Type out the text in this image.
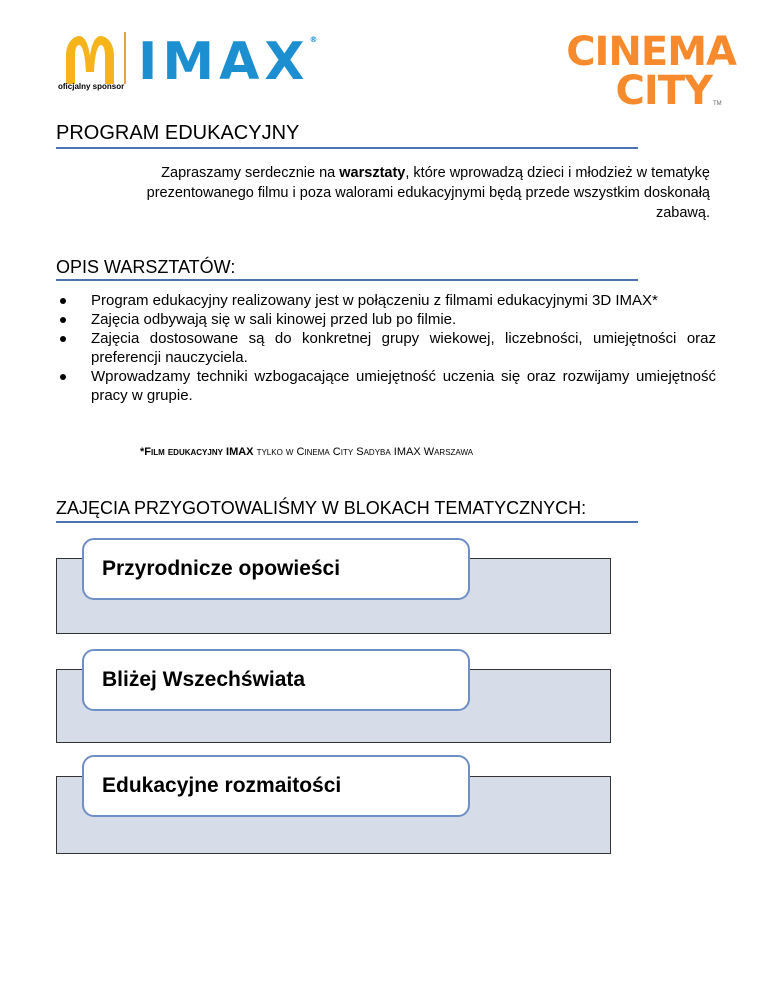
oficjalny sponsor IMAX®	CINEMA
CITY TM
PROGRAM EDUKACYJNY
Zapraszamy serdecznie na warsztaty, które wprowadzą dzieci i młodzież w tematykę prezentowanego filmu i poza walorami edukacyjnymi będą przede wszystkim doskonałą zabawą.
OPIS WARSZTATÓW:
Program edukacyjny realizowany jest w połączeniu z filmami edukacyjnymi 3D IMAX*
Zajęcia odbywają się w sali kinowej przed lub po filmie.
Zajęcia dostosowane są do konkretnej grupy wiekowej, liczebności, umiejętności oraz preferencji nauczyciela.
Wprowadzamy techniki wzbogacające umiejętność uczenia się oraz rozwijamy umiejętność pracy w grupie.
*Film edukacyjny IMAX tylko w Cinema City Sadyba IMAX Warszawa
ZAJĘCIA PRZYGOTOWALIŚMY W BLOKACH TEMATYCZNYCH:
Przyrodnicze opowieści
Bliżej Wszechświata
Edukacyjne rozmaitości
